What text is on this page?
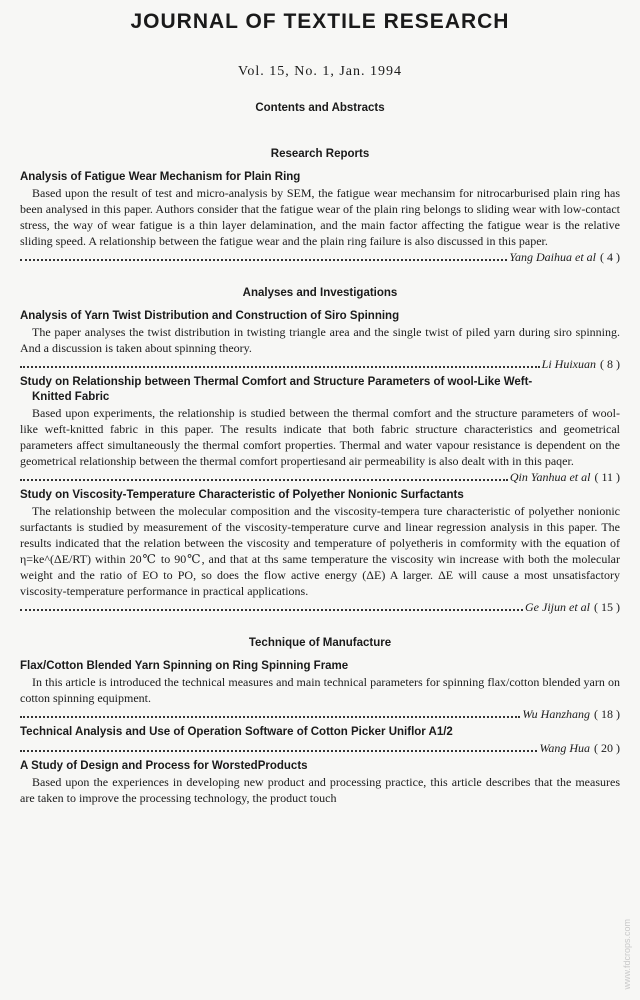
JOURNAL OF TEXTILE RESEARCH
Vol. 15, No. 1, Jan. 1994
Contents and Abstracts
Research Reports
Analysis of Fatigue Wear Mechanism for Plain Ring
Based upon the result of test and micro-analysis by SEM, the fatigue wear mechansim for nitrocarburised plain ring has been analysed in this paper. Authors consider that the fatigue wear of the plain ring belongs to sliding wear with low-contact stress, the way of wear fatigue is a thin layer delamination, and the main factor affecting the fatigue wear is the relative sliding speed. A relationship between the fatigue wear and the plain ring failure is also discussed in this paper.
Yang Daihua et al ( 4 )
Analyses and Investigations
Analysis of Yarn Twist Distribution and Construction of Siro Spinning
The paper analyses the twist distribution in twisting triangle area and the single twist of piled yarn during siro spinning. And a discussion is taken about spinning theory.
Li Huixuan ( 8 )
Study on Relationship between Thermal Comfort and Structure Parameters of wool-Like Weft-
Knitted Fabric
Based upon experiments, the relationship is studied between the thermal comfort and the structure parameters of wool-like weft-knitted fabric in this paper. The results indicate that both fabric structure characteristics and geometrical parameters affect simultaneously the thermal comfort properties. Thermal and water vapour resistance is dependent on the geometrical relationship between the thermal comfort propertiesand air permeability is also dealt with in this paqer.
Qin Yanhua et al ( 11 )
Study on Viscosity-Temperature Characteristic of Polyether Nonionic Surfactants
The relationship between the molecular composition and the viscosity-tempera ture characteristic of polyether nonionic surfactants is studied by measurement of the viscosity-temperature curve and linear regression analysis in this paper. The results indicated that the relation between the viscosity and temperature of polyetheris in comformity with the equation of η=ke^(ΔE/RT) within 20℃ to 90℃, and that at ths same temperature the viscosity win increase with both the molecular weight and the ratio of EO to PO, so does the flow active energy (ΔE) A larger. ΔE will cause a most unsatisfactory viscosity-temperature performance in practical applications.
Ge Jijun et al ( 15 )
Technique of Manufacture
Flax/Cotton Blended Yarn Spinning on Ring Spinning Frame
In this article is introduced the technical measures and main technical parameters for spinning flax/cotton blended yarn on cotton spinning equipment.
Wu Hanzhang ( 18 )
Technical Analysis and Use of Operation Software of Cotton Picker Uniflor A1/2
Wang Hua ( 20 )
A Study of Design and Process for WorstedProducts
Based upon the experiences in developing new product and processing practice, this article describes that the measures are taken to improve the processing technology, the product touch
www.fdcrops.com
